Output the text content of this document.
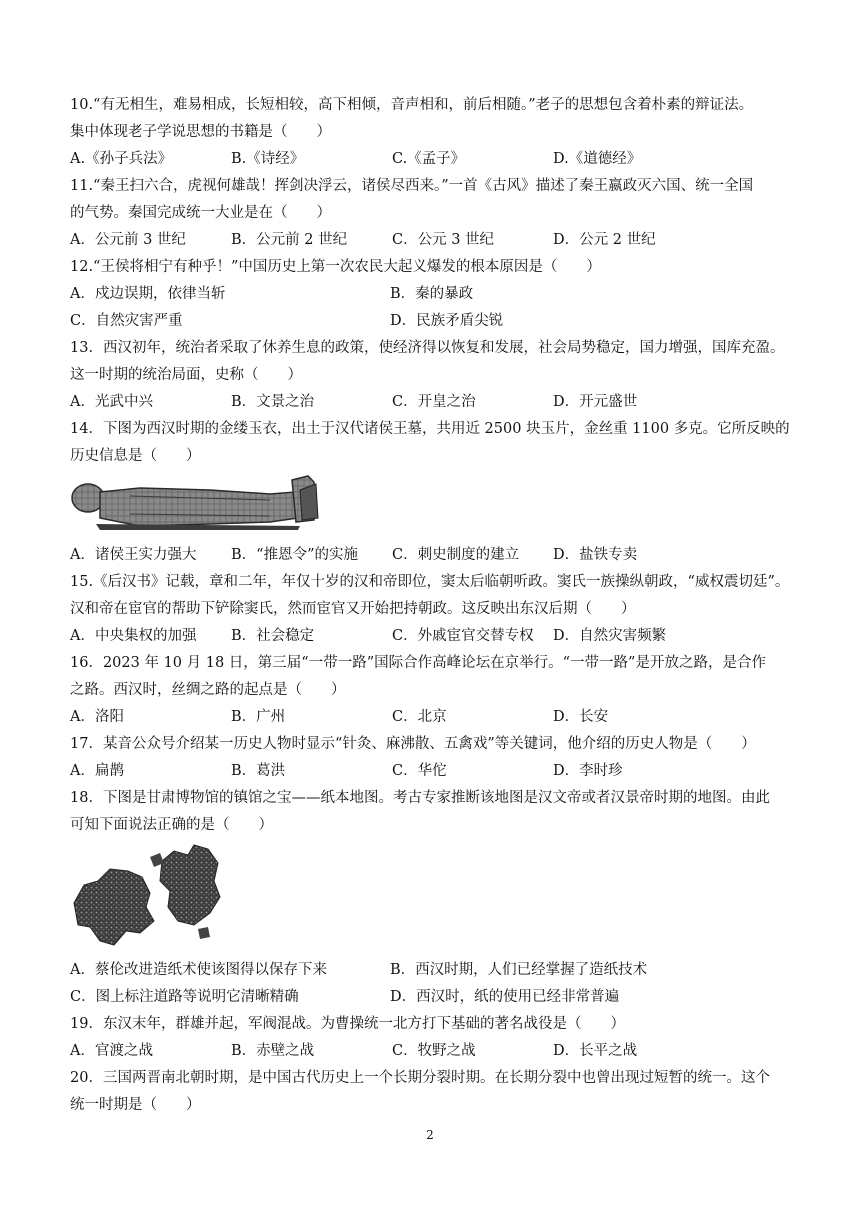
10.“有无相生，难易相成，长短相较，高下相倾，音声相和，前后相随。”老子的思想包含着朴素的辩证法。
集中体现老子学说思想的书籍是（　　）
A.《孙子兵法》	B.《诗经》	C.《孟子》	D.《道德经》
11.“秦王扫六合，虎视何雄哉！挥剑决浮云，诸侯尽西来。”一首《古风》描述了秦王嬴政灭六国、统一全国
的气势。秦国完成统一大业是在（　　）
A．公元前 3 世纪	B．公元前 2 世纪	C．公元 3 世纪	D．公元 2 世纪
12.“王侯将相宁有种乎！”中国历史上第一次农民大起义爆发的根本原因是（　　）
A．戍边误期，依律当斩	B．秦的暴政
C．自然灾害严重	D．民族矛盾尖锐
13．西汉初年，统治者采取了休养生息的政策，使经济得以恢复和发展，社会局势稳定，国力增强，国库充盈。
这一时期的统治局面，史称（　　）
A．光武中兴	B．文景之治	C．开皇之治	D．开元盛世
14．下图为西汉时期的金缕玉衣，出土于汉代诸侯王墓，共用近 2500 块玉片，金丝重 1100 多克。它所反映的
历史信息是（　　）
A．诸侯王实力强大	B．“推恩令”的实施	C．刺史制度的建立	D．盐铁专卖
15.《后汉书》记载，章和二年，年仅十岁的汉和帝即位，窦太后临朝听政。窦氏一族操纵朝政，“威权震切廷”。
汉和帝在宦官的帮助下铲除窦氏，然而宦官又开始把持朝政。这反映出东汉后期（　　）
A．中央集权的加强	B．社会稳定	C．外戚宦官交替专权	D．自然灾害频繁
16．2023 年 10 月 18 日，第三届“一带一路”国际合作高峰论坛在京举行。“一带一路”是开放之路，是合作
之路。西汉时，丝绸之路的起点是（　　）
A．洛阳	B．广州	C．北京	D．长安
17．某音公众号介绍某一历史人物时显示“针灸、麻沸散、五禽戏”等关键词，他介绍的历史人物是（　　）
A．扁鹊	B．葛洪	C．华佗	D．李时珍
18．下图是甘肃博物馆的镇馆之宝——纸本地图。考古专家推断该地图是汉文帝或者汉景帝时期的地图。由此
可知下面说法正确的是（　　）
A．蔡伦改进造纸术使该图得以保存下来	B．西汉时期，人们已经掌握了造纸技术
C．图上标注道路等说明它清晰精确	D．西汉时，纸的使用已经非常普遍
19．东汉末年，群雄并起，军阀混战。为曹操统一北方打下基础的著名战役是（　　）
A．官渡之战	B．赤壁之战	C．牧野之战	D．长平之战
20．三国两晋南北朝时期，是中国古代历史上一个长期分裂时期。在长期分裂中也曾出现过短暂的统一。这个
统一时期是（　　）
2
